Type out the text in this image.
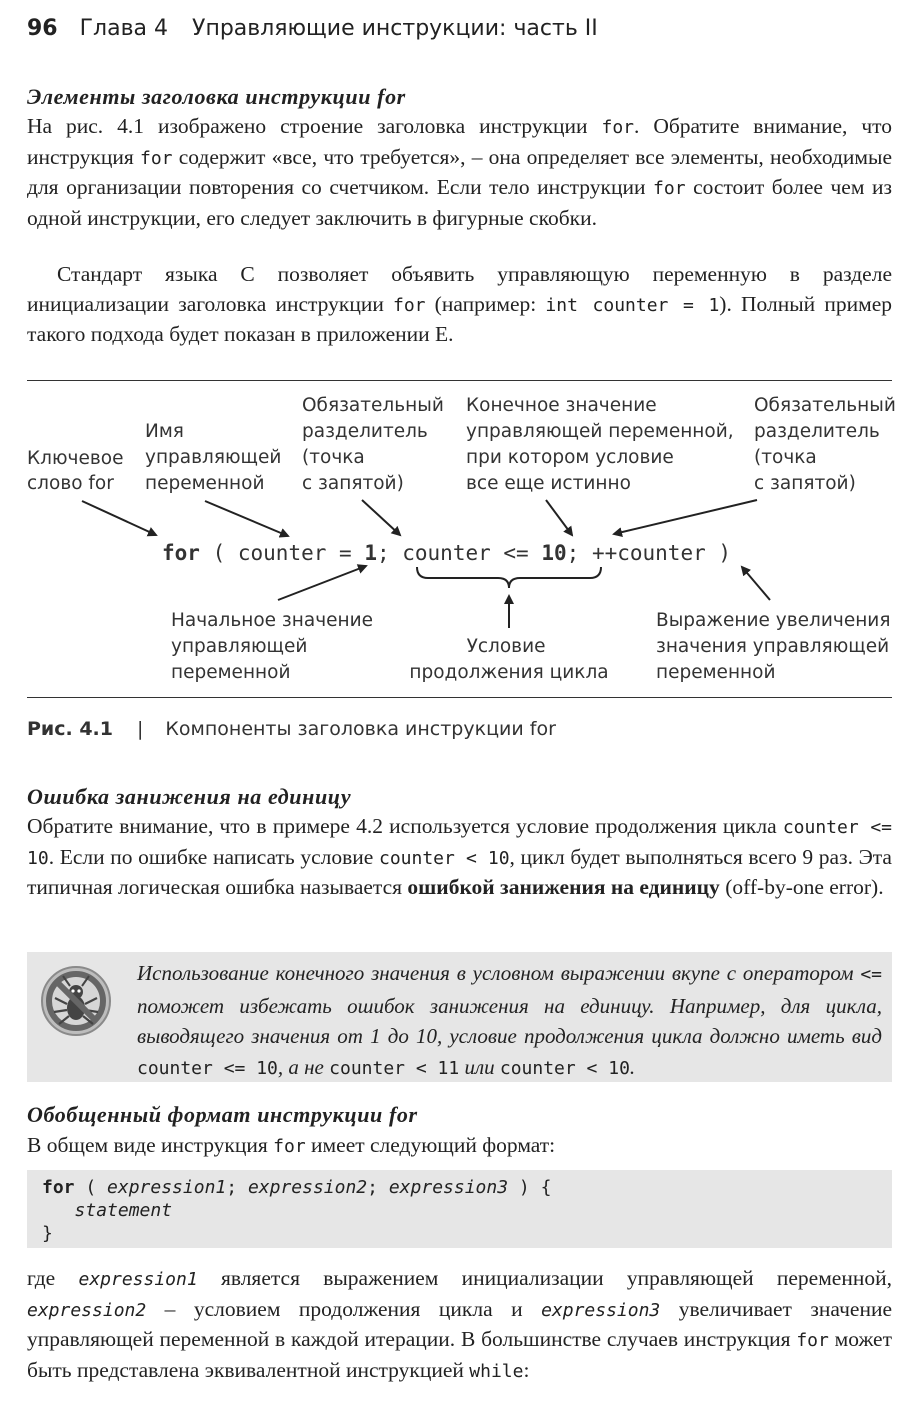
96 Глава 4 Управляющие инструкции: часть II
Элементы заголовка инструкции for
На рис. 4.1 изображено строение заголовка инструкции for. Обратите внимание, что инструкция for содержит «все, что требуется», – она определяет все элементы, необходимые для организации повторения со счетчиком. Если тело инструкции for состоит более чем из одной инструкции, его следует заключить в фигурные скобки.
Стандарт языка C позволяет объявить управляющую переменную в разделе инициализации заголовка инструкции for (например: int counter = 1). Полный пример такого подхода будет показан в приложении E.
Ключевое слово for
Имя управляющей переменной
Обязательный разделитель (точка с запятой)
Конечное значение управляющей переменной, при котором условие все еще истинно
Обязательный разделитель (точка с запятой)
for ( counter = 1; counter <= 10; ++counter )
Начальное значение управляющей переменной
Условие продолжения цикла
Выражение увеличения значения управляющей переменной
Рис. 4.1 | Компоненты заголовка инструкции for
Ошибка занижения на единицу
Обратите внимание, что в примере 4.2 используется условие продолжения цикла counter <= 10. Если по ошибке написать условие counter < 10, цикл будет выполняться всего 9 раз. Эта типичная логическая ошибка называется ошибкой занижения на единицу (off-by-one error).
Использование конечного значения в условном выражении вкупе с оператором <= поможет избежать ошибок занижения на единицу. Например, для цикла, выводящего значения от 1 до 10, условие продолжения цикла должно иметь вид counter <= 10, а не counter < 11 или counter < 10.
Обобщенный формат инструкции for
В общем виде инструкция for имеет следующий формат:
for ( expression1; expression2; expression3 ) {
statement
}
где expression1 является выражением инициализации управляющей переменной, expression2 – условием продолжения цикла и expression3 увеличивает значение управляющей переменной в каждой итерации. В большинстве случаев инструкция for может быть представлена эквивалентной инструкцией while:
